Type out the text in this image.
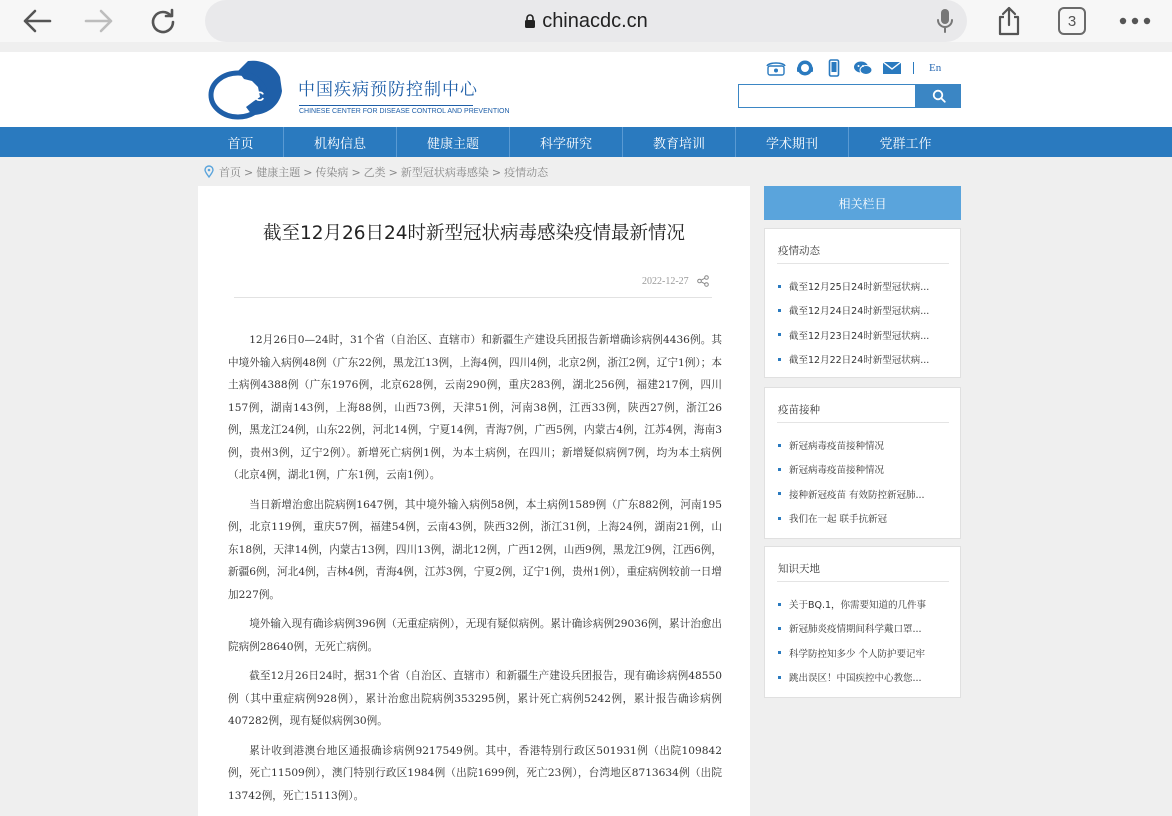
chinacdc.cn	3
CDC 中国疾病预防控制中心
CHINESE CENTER FOR DISEASE CONTROL AND PREVENTION
En
首页	机构信息	健康主题	科学研究	教育培训	学术期刊	党群工作
首页 > 健康主题 > 传染病 > 乙类 > 新型冠状病毒感染 > 疫情动态
截至12月26日24时新型冠状病毒感染疫情最新情况
2022-12-27

12月26日0—24时，31个省（自治区、直辖市）和新疆生产建设兵团报告新增确诊病例4436例。其中境外输入病例48例（广东22例，黑龙江13例，上海4例，四川4例，北京2例，浙江2例，辽宁1例）；本土病例4388例（广东1976例，北京628例，云南290例，重庆283例，湖北256例，福建217例，四川157例，湖南143例，上海88例，山西73例，天津51例，河南38例，江西33例，陕西27例，浙江26例，黑龙江24例，山东22例，河北14例，宁夏14例，青海7例，广西5例，内蒙古4例，江苏4例，海南3例，贵州3例，辽宁2例）。新增死亡病例1例，为本土病例，在四川；新增疑似病例7例，均为本土病例（北京4例，湖北1例，广东1例，云南1例）。

当日新增治愈出院病例1647例，其中境外输入病例58例，本土病例1589例（广东882例，河南195例，北京119例，重庆57例，福建54例，云南43例，陕西32例，浙江31例，上海24例，湖南21例，山东18例，天津14例，内蒙古13例，四川13例，湖北12例，广西12例，山西9例，黑龙江9例，江西6例，新疆6例，河北4例，吉林4例，青海4例，江苏3例，宁夏2例，辽宁1例，贵州1例），重症病例较前一日增加227例。

境外输入现有确诊病例396例（无重症病例），无现有疑似病例。累计确诊病例29036例，累计治愈出院病例28640例，无死亡病例。

截至12月26日24时，据31个省（自治区、直辖市）和新疆生产建设兵团报告，现有确诊病例48550例（其中重症病例928例），累计治愈出院病例353295例，累计死亡病例5242例，累计报告确诊病例407282例，现有疑似病例30例。

累计收到港澳台地区通报确诊病例9217549例。其中，香港特别行政区501931例（出院109842例，死亡11509例），澳门特别行政区1984例（出院1699例，死亡23例），台湾地区8713634例（出院13742例，死亡15113例）。

相关栏目
疫情动态
截至12月25日24时新型冠状病...
截至12月24日24时新型冠状病...
截至12月23日24时新型冠状病...
截至12月22日24时新型冠状病...
疫苗接种
新冠病毒疫苗接种情况
新冠病毒疫苗接种情况
接种新冠疫苗 有效防控新冠肺...
我们在一起 联手抗新冠
知识天地
关于BQ.1，你需要知道的几件事
新冠肺炎疫情期间科学戴口罩...
科学防控知多少 个人防护要记牢
跳出误区！中国疾控中心教您...
